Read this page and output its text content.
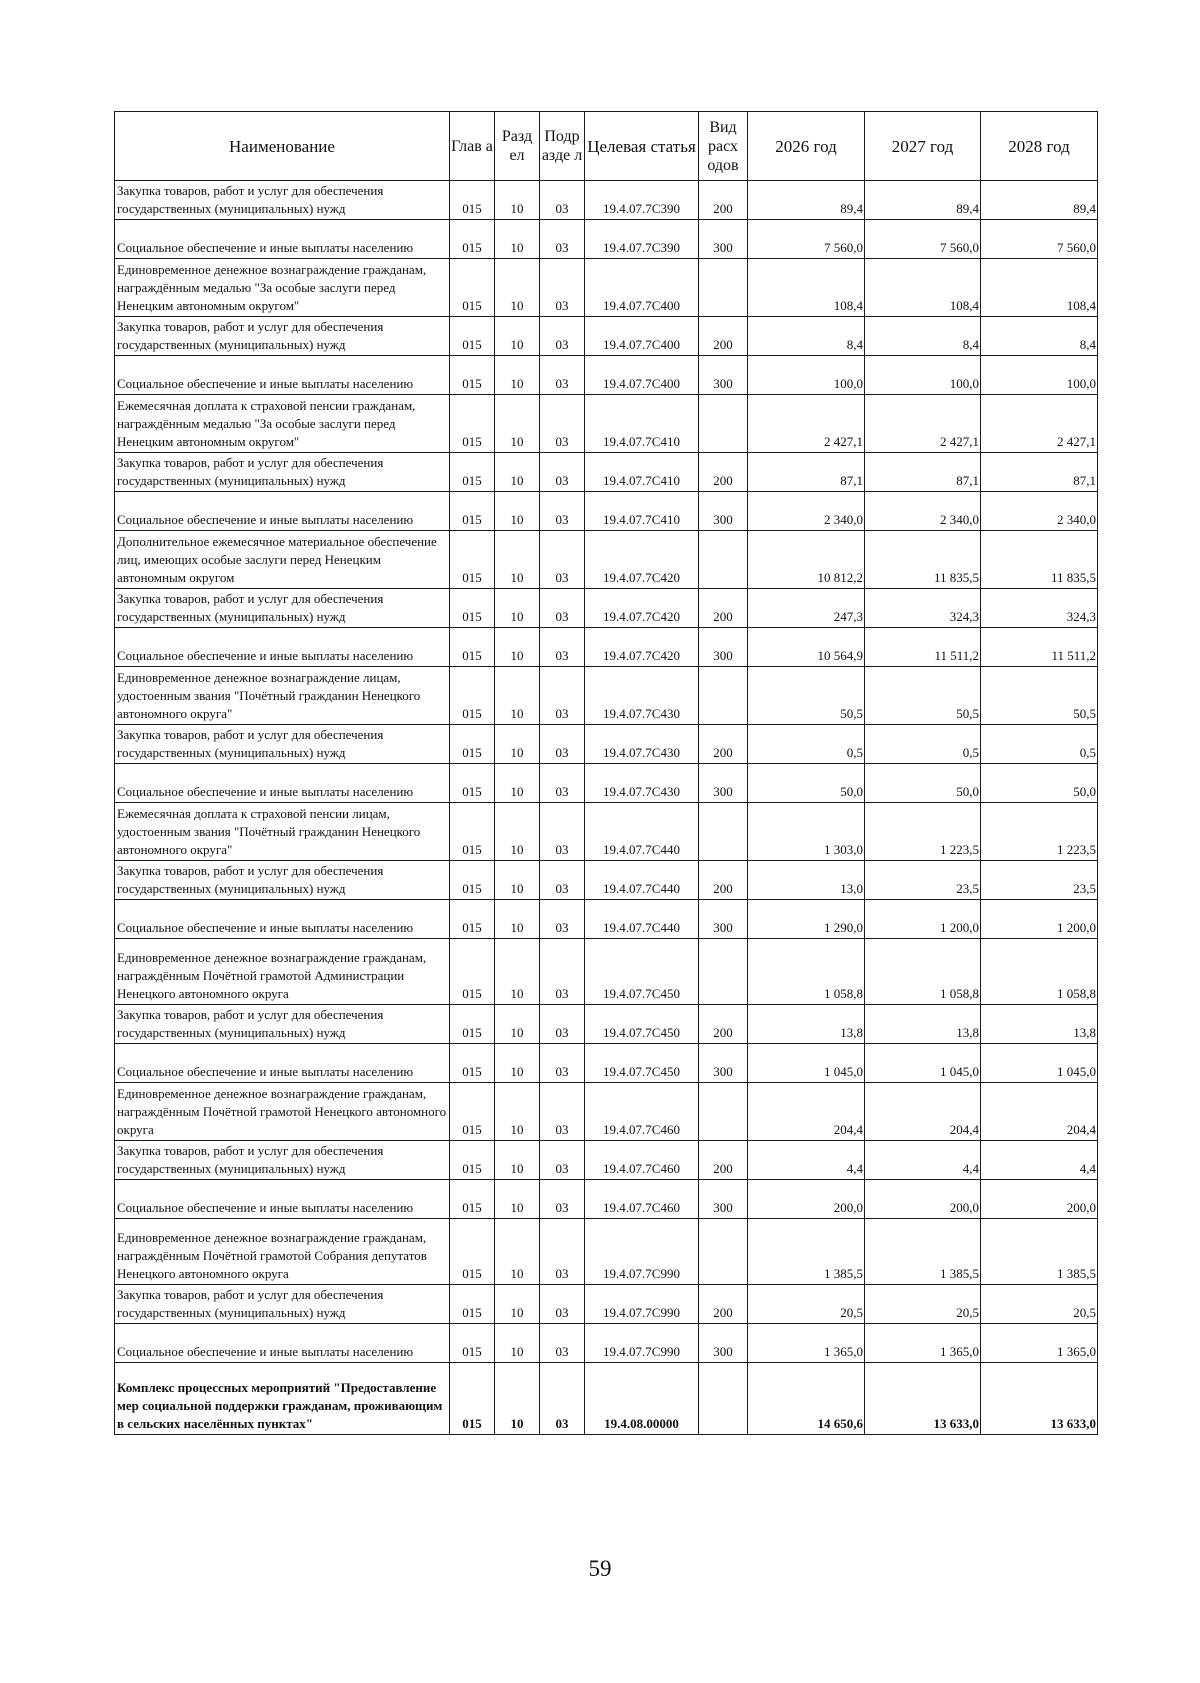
Наименование	Глав а	Разд ел	Подр азде л	Целевая статья	Вид расх одов	2026 год	2027 год	2028 год
Закупка товаров, работ и услуг для обеспечения государственных (муниципальных) нужд	015	10	03	19.4.07.7С390	200	89,4	89,4	89,4
Социальное обеспечение и иные выплаты населению	015	10	03	19.4.07.7С390	300	7 560,0	7 560,0	7 560,0
Единовременное денежное вознаграждение гражданам, награждённым медалью "За особые заслуги перед Ненецким автономным округом"	015	10	03	19.4.07.7С400		108,4	108,4	108,4
Закупка товаров, работ и услуг для обеспечения государственных (муниципальных) нужд	015	10	03	19.4.07.7С400	200	8,4	8,4	8,4
Социальное обеспечение и иные выплаты населению	015	10	03	19.4.07.7С400	300	100,0	100,0	100,0
Ежемесячная доплата к страховой пенсии гражданам, награждённым медалью "За особые заслуги перед Ненецким автономным округом"	015	10	03	19.4.07.7С410		2 427,1	2 427,1	2 427,1
Закупка товаров, работ и услуг для обеспечения государственных (муниципальных) нужд	015	10	03	19.4.07.7С410	200	87,1	87,1	87,1
Социальное обеспечение и иные выплаты населению	015	10	03	19.4.07.7С410	300	2 340,0	2 340,0	2 340,0
Дополнительное ежемесячное материальное обеспечение лиц, имеющих особые заслуги перед Ненецким автономным округом	015	10	03	19.4.07.7С420		10 812,2	11 835,5	11 835,5
Закупка товаров, работ и услуг для обеспечения государственных (муниципальных) нужд	015	10	03	19.4.07.7С420	200	247,3	324,3	324,3
Социальное обеспечение и иные выплаты населению	015	10	03	19.4.07.7С420	300	10 564,9	11 511,2	11 511,2
Единовременное денежное вознаграждение лицам, удостоенным звания "Почётный гражданин Ненецкого автономного округа"	015	10	03	19.4.07.7С430		50,5	50,5	50,5
Закупка товаров, работ и услуг для обеспечения государственных (муниципальных) нужд	015	10	03	19.4.07.7С430	200	0,5	0,5	0,5
Социальное обеспечение и иные выплаты населению	015	10	03	19.4.07.7С430	300	50,0	50,0	50,0
Ежемесячная доплата к страховой пенсии лицам, удостоенным звания "Почётный гражданин Ненецкого автономного округа"	015	10	03	19.4.07.7С440		1 303,0	1 223,5	1 223,5
Закупка товаров, работ и услуг для обеспечения государственных (муниципальных) нужд	015	10	03	19.4.07.7С440	200	13,0	23,5	23,5
Социальное обеспечение и иные выплаты населению	015	10	03	19.4.07.7С440	300	1 290,0	1 200,0	1 200,0
Единовременное денежное вознаграждение гражданам, награждённым Почётной грамотой Администрации Ненецкого автономного округа	015	10	03	19.4.07.7С450		1 058,8	1 058,8	1 058,8
Закупка товаров, работ и услуг для обеспечения государственных (муниципальных) нужд	015	10	03	19.4.07.7С450	200	13,8	13,8	13,8
Социальное обеспечение и иные выплаты населению	015	10	03	19.4.07.7С450	300	1 045,0	1 045,0	1 045,0
Единовременное денежное вознаграждение гражданам, награждённым Почётной грамотой Ненецкого автономного округа	015	10	03	19.4.07.7С460		204,4	204,4	204,4
Закупка товаров, работ и услуг для обеспечения государственных (муниципальных) нужд	015	10	03	19.4.07.7С460	200	4,4	4,4	4,4
Социальное обеспечение и иные выплаты населению	015	10	03	19.4.07.7С460	300	200,0	200,0	200,0
Единовременное денежное вознаграждение гражданам, награждённым Почётной грамотой Собрания депутатов Ненецкого автономного округа	015	10	03	19.4.07.7С990		1 385,5	1 385,5	1 385,5
Закупка товаров, работ и услуг для обеспечения государственных (муниципальных) нужд	015	10	03	19.4.07.7С990	200	20,5	20,5	20,5
Социальное обеспечение и иные выплаты населению	015	10	03	19.4.07.7С990	300	1 365,0	1 365,0	1 365,0
Комплекс процессных мероприятий "Предоставление мер социальной поддержки гражданам, проживающим в сельских населённых пунктах"	015	10	03	19.4.08.00000		14 650,6	13 633,0	13 633,0
59
